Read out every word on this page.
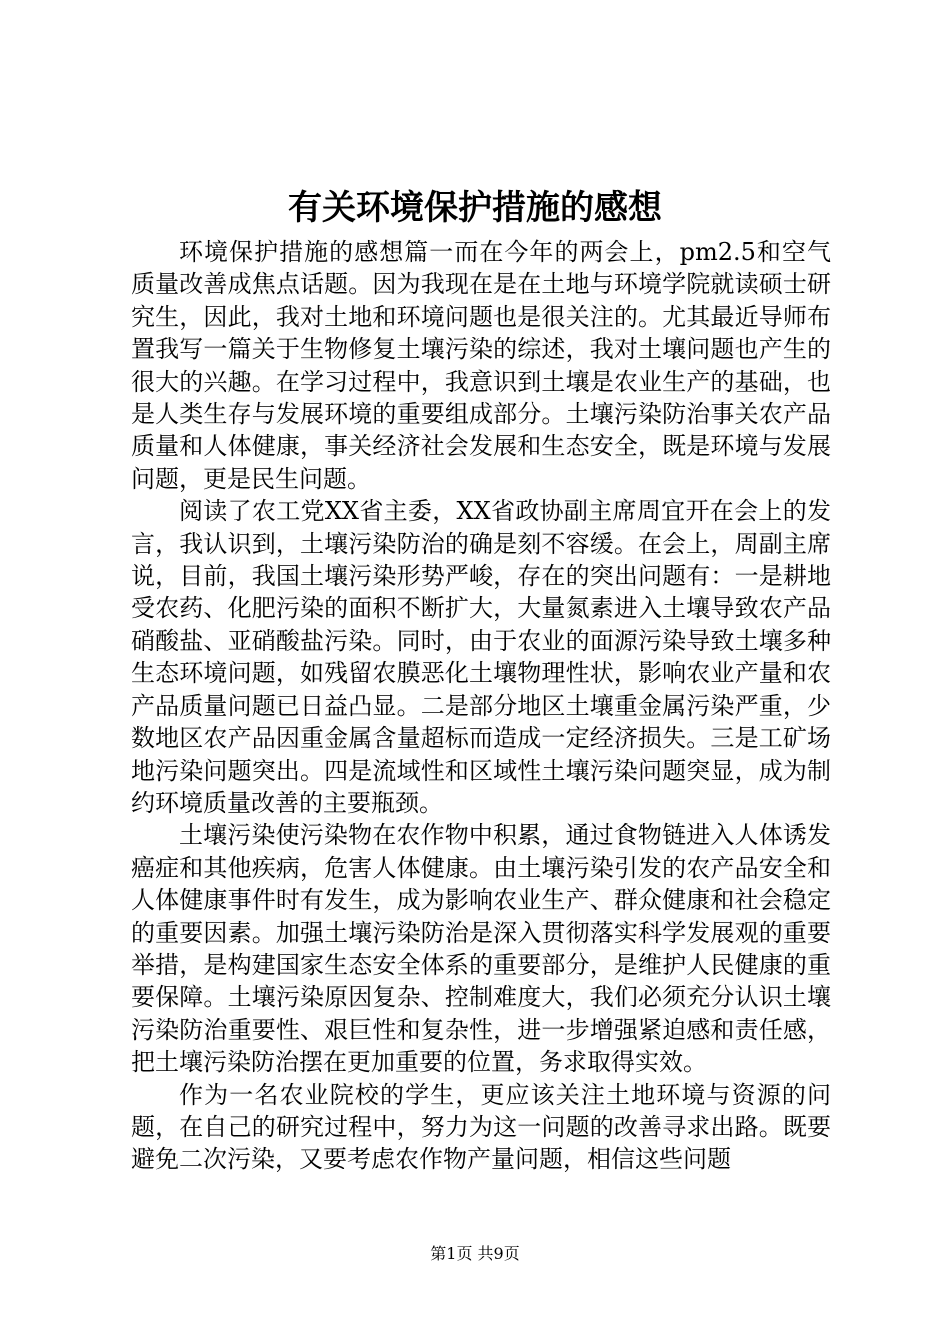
有关环境保护措施的感想

环境保护措施的感想篇一而在今年的两会上，pm2.5和空气质量改善成焦点话题。因为我现在是在土地与环境学院就读硕士研究生，因此，我对土地和环境问题也是很关注的。尤其最近导师布置我写一篇关于生物修复土壤污染的综述，我对土壤问题也产生的很大的兴趣。在学习过程中，我意识到土壤是农业生产的基础，也是人类生存与发展环境的重要组成部分。土壤污染防治事关农产品质量和人体健康，事关经济社会发展和生态安全，既是环境与发展问题，更是民生问题。

阅读了农工党XX省主委，XX省政协副主席周宜开在会上的发言，我认识到，土壤污染防治的确是刻不容缓。在会上，周副主席说，目前，我国土壤污染形势严峻，存在的突出问题有：一是耕地受农药、化肥污染的面积不断扩大，大量氮素进入土壤导致农产品硝酸盐、亚硝酸盐污染。同时，由于农业的面源污染导致土壤多种生态环境问题，如残留农膜恶化土壤物理性状，影响农业产量和农产品质量问题已日益凸显。二是部分地区土壤重金属污染严重，少数地区农产品因重金属含量超标而造成一定经济损失。三是工矿场地污染问题突出。四是流域性和区域性土壤污染问题突显，成为制约环境质量改善的主要瓶颈。

土壤污染使污染物在农作物中积累，通过食物链进入人体诱发癌症和其他疾病，危害人体健康。由土壤污染引发的农产品安全和人体健康事件时有发生，成为影响农业生产、群众健康和社会稳定的重要因素。加强土壤污染防治是深入贯彻落实科学发展观的重要举措，是构建国家生态安全体系的重要部分，是维护人民健康的重要保障。土壤污染原因复杂、控制难度大，我们必须充分认识土壤污染防治重要性、艰巨性和复杂性，进一步增强紧迫感和责任感，把土壤污染防治摆在更加重要的位置，务求取得实效。

作为一名农业院校的学生，更应该关注土地环境与资源的问题，在自己的研究过程中，努力为这一问题的改善寻求出路。既要避免二次污染，又要考虑农作物产量问题，相信这些问题

第1页 共9页
